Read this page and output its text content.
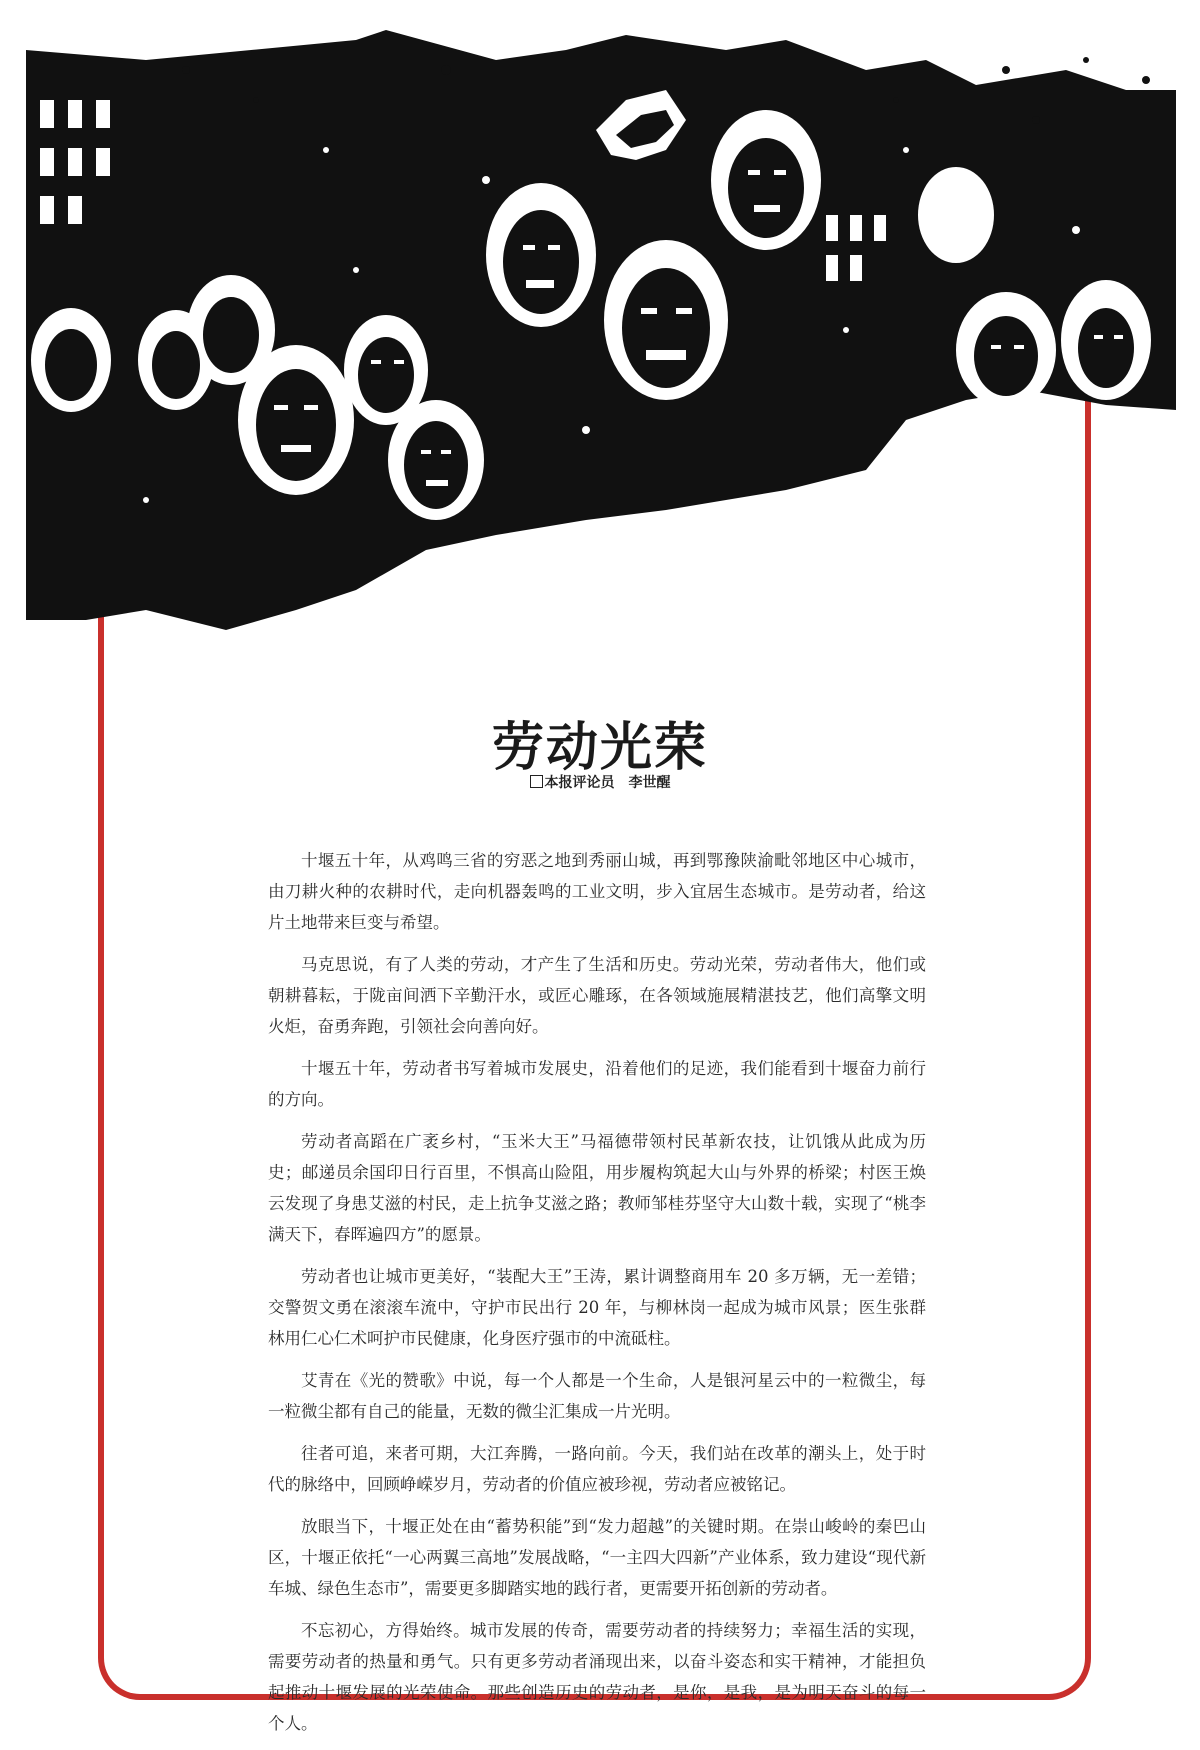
劳动光荣
本报评论员 李世醒

十堰五十年，从鸡鸣三省的穷恶之地到秀丽山城，再到鄂豫陕渝毗邻地区中心城市，由刀耕火种的农耕时代，走向机器轰鸣的工业文明，步入宜居生态城市。是劳动者，给这片土地带来巨变与希望。

马克思说，有了人类的劳动，才产生了生活和历史。劳动光荣，劳动者伟大，他们或朝耕暮耘，于陇亩间洒下辛勤汗水，或匠心雕琢，在各领域施展精湛技艺，他们高擎文明火炬，奋勇奔跑，引领社会向善向好。

十堰五十年，劳动者书写着城市发展史，沿着他们的足迹，我们能看到十堰奋力前行的方向。

劳动者高蹈在广袤乡村，“玉米大王”马福德带领村民革新农技，让饥饿从此成为历史；邮递员余国印日行百里，不惧高山险阻，用步履构筑起大山与外界的桥梁；村医王焕云发现了身患艾滋的村民，走上抗争艾滋之路；教师邹桂芬坚守大山数十载，实现了“桃李满天下，春晖遍四方”的愿景。

劳动者也让城市更美好，“装配大王”王涛，累计调整商用车 20 多万辆，无一差错；交警贺文勇在滚滚车流中，守护市民出行 20 年，与柳林岗一起成为城市风景；医生张群林用仁心仁术呵护市民健康，化身医疗强市的中流砥柱。

艾青在《光的赞歌》中说，每一个人都是一个生命，人是银河星云中的一粒微尘，每一粒微尘都有自己的能量，无数的微尘汇集成一片光明。

往者可追，来者可期，大江奔腾，一路向前。今天，我们站在改革的潮头上，处于时代的脉络中，回顾峥嵘岁月，劳动者的价值应被珍视，劳动者应被铭记。

放眼当下，十堰正处在由“蓄势积能”到“发力超越”的关键时期。在崇山峻岭的秦巴山区，十堰正依托“一心两翼三高地”发展战略，“一主四大四新”产业体系，致力建设“现代新车城、绿色生态市”，需要更多脚踏实地的践行者，更需要开拓创新的劳动者。

不忘初心，方得始终。城市发展的传奇，需要劳动者的持续努力；幸福生活的实现，需要劳动者的热量和勇气。只有更多劳动者涌现出来，以奋斗姿态和实干精神，才能担负起推动十堰发展的光荣使命。那些创造历史的劳动者，是你，是我，是为明天奋斗的每一个人。
